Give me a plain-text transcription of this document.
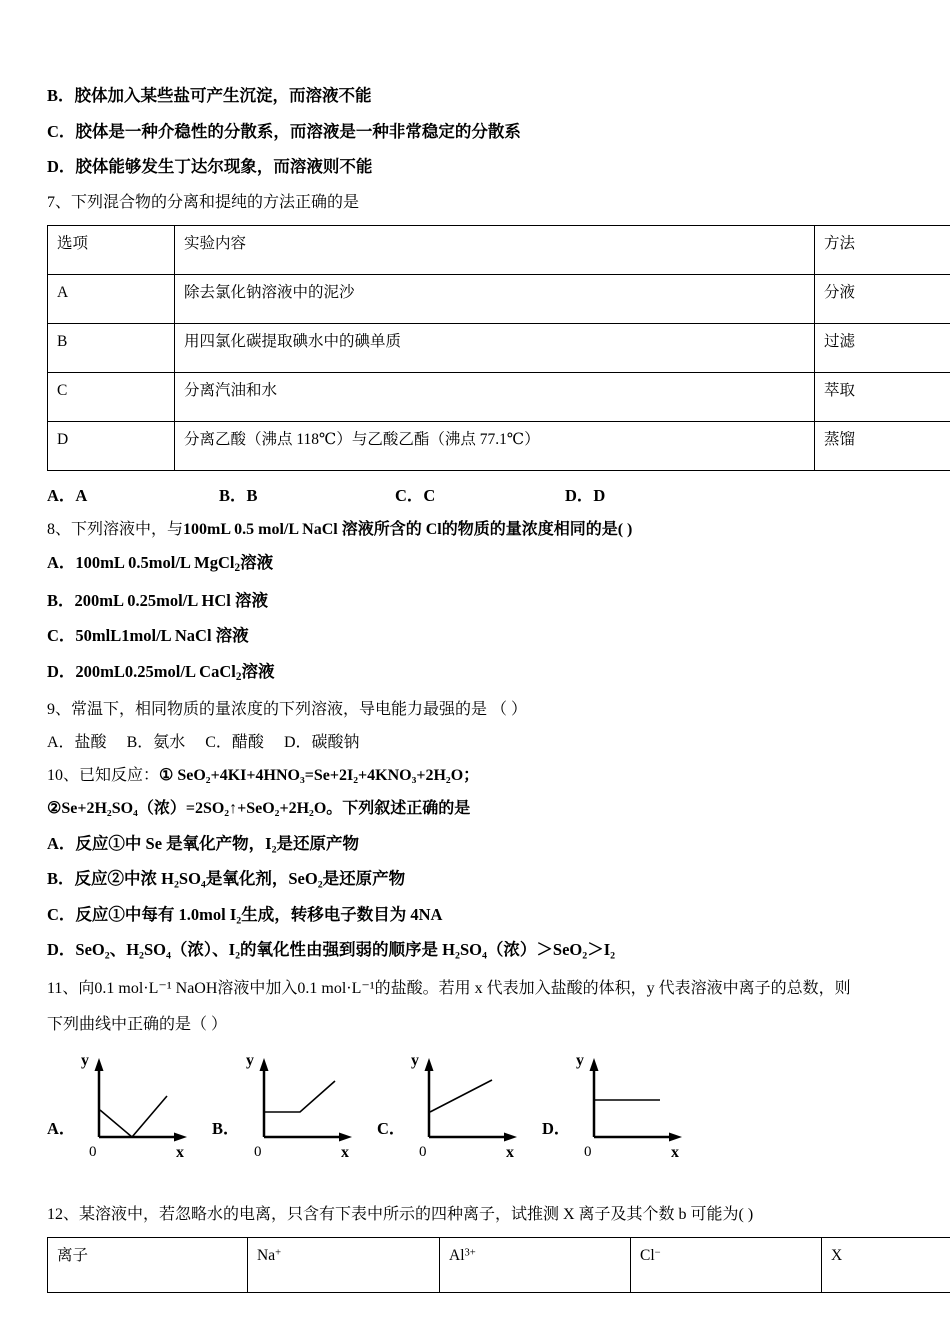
B．胶体加入某些盐可产生沉淀，而溶液不能
C．胶体是一种介稳性的分散系，而溶液是一种非常稳定的分散系
D．胶体能够发生丁达尔现象，而溶液则不能
7、下列混合物的分离和提纯的方法正确的是
选项	实验内容	方法
A	除去氯化钠溶液中的泥沙	分液
B	用四氯化碳提取碘水中的碘单质	过滤
C	分离汽油和水	萃取
D	分离乙酸（沸点 118℃）与乙酸乙酯（沸点 77.1℃）	蒸馏
A．A	B．B	C．C	D．D
8、下列溶液中，与100mL 0.5 mol/L NaCl 溶液所含的 Cl的物质的量浓度相同的是( )
A．100mL 0.5mol/L MgCl$_2$溶液
B．200mL 0.25mol/L HCl 溶液
C．50mlL1mol/L NaCl 溶液
D．200mL0.25mol/L CaCl$_2$溶液
9、常温下，相同物质的量浓度的下列溶液，导电能力最强的是 （ ）
A．盐酸 B．氨水 C．醋酸 D．碳酸钠
10、已知反应：① SeO₂+4KI+4HNO₃=Se+2I₂+4KNO₃+2H₂O；
②Se+2H₂SO₄（浓）=2SO₂↑+SeO₂+2H₂O。下列叙述正确的是
A．反应①中 Se 是氧化产物，I₂是还原产物
B．反应②中浓 H₂SO₄是氧化剂，SeO₂是还原产物
C．反应①中每有 1.0mol I₂生成，转移电子数目为 4NA
D．SeO₂、H₂SO₄（浓）、I₂的氧化性由强到弱的顺序是 H₂SO₄（浓）＞SeO₂＞I₂
11、向0.1 mol·L⁻¹ NaOH溶液中加入0.1 mol·L⁻¹的盐酸。若用 x 代表加入盐酸的体积，y 代表溶液中离子的总数，则
下列曲线中正确的是（ ）
A．
y
0	x
B．
y
0	x
C．
y
0	x
D．
y
0	x
12、某溶液中，若忽略水的电离，只含有下表中所示的四种离子，试推测 X 离子及其个数 b 可能为( )
离子	Na+	$Al^{3+}$	Cl−	X
